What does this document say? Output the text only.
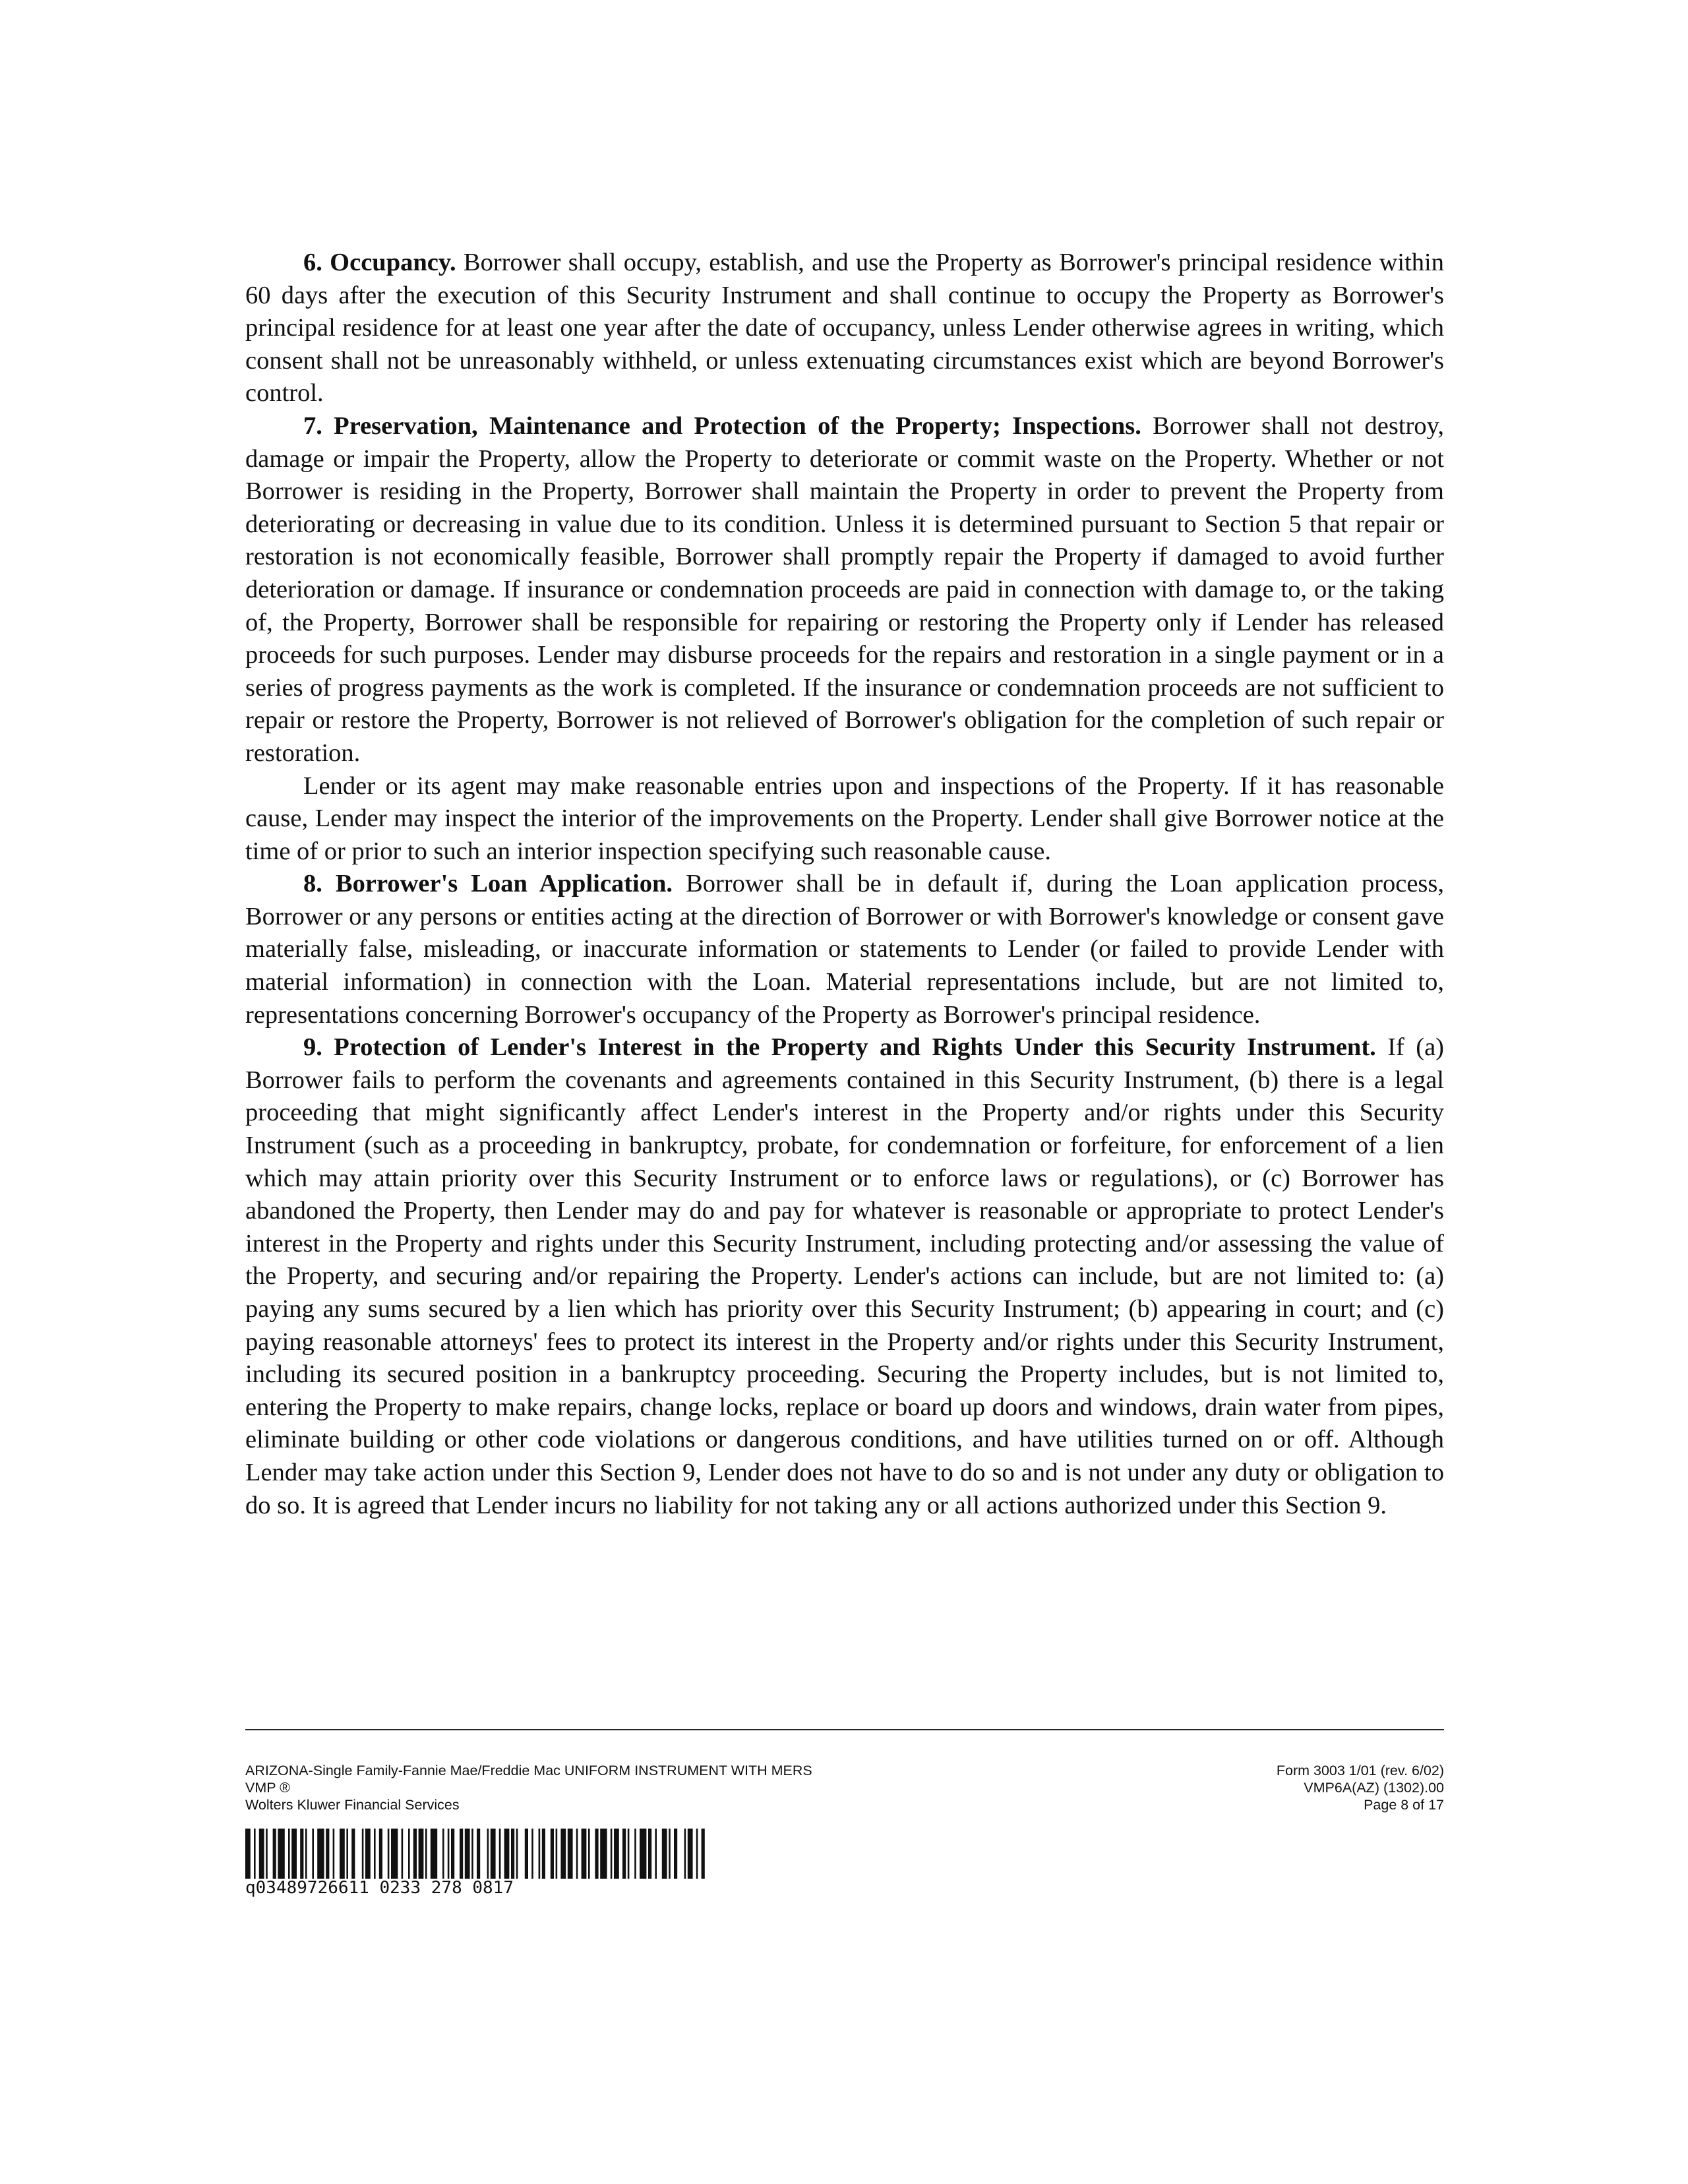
6. Occupancy. Borrower shall occupy, establish, and use the Property as Borrower's principal residence within 60 days after the execution of this Security Instrument and shall continue to occupy the Property as Borrower's principal residence for at least one year after the date of occupancy, unless Lender otherwise agrees in writing, which consent shall not be unreasonably withheld, or unless extenuating circumstances exist which are beyond Borrower's control.

7. Preservation, Maintenance and Protection of the Property; Inspections. Borrower shall not destroy, damage or impair the Property, allow the Property to deteriorate or commit waste on the Property. Whether or not Borrower is residing in the Property, Borrower shall maintain the Property in order to prevent the Property from deteriorating or decreasing in value due to its condition. Unless it is determined pursuant to Section 5 that repair or restoration is not economically feasible, Borrower shall promptly repair the Property if damaged to avoid further deterioration or damage. If insurance or condemnation proceeds are paid in connection with damage to, or the taking of, the Property, Borrower shall be responsible for repairing or restoring the Property only if Lender has released proceeds for such purposes. Lender may disburse proceeds for the repairs and restoration in a single payment or in a series of progress payments as the work is completed. If the insurance or condemnation proceeds are not sufficient to repair or restore the Property, Borrower is not relieved of Borrower's obligation for the completion of such repair or restoration.

Lender or its agent may make reasonable entries upon and inspections of the Property. If it has reasonable cause, Lender may inspect the interior of the improvements on the Property. Lender shall give Borrower notice at the time of or prior to such an interior inspection specifying such reasonable cause.

8. Borrower's Loan Application. Borrower shall be in default if, during the Loan application process, Borrower or any persons or entities acting at the direction of Borrower or with Borrower's knowledge or consent gave materially false, misleading, or inaccurate information or statements to Lender (or failed to provide Lender with material information) in connection with the Loan. Material representations include, but are not limited to, representations concerning Borrower's occupancy of the Property as Borrower's principal residence.

9. Protection of Lender's Interest in the Property and Rights Under this Security Instrument. If (a) Borrower fails to perform the covenants and agreements contained in this Security Instrument, (b) there is a legal proceeding that might significantly affect Lender's interest in the Property and/or rights under this Security Instrument (such as a proceeding in bankruptcy, probate, for condemnation or forfeiture, for enforcement of a lien which may attain priority over this Security Instrument or to enforce laws or regulations), or (c) Borrower has abandoned the Property, then Lender may do and pay for whatever is reasonable or appropriate to protect Lender's interest in the Property and rights under this Security Instrument, including protecting and/or assessing the value of the Property, and securing and/or repairing the Property. Lender's actions can include, but are not limited to: (a) paying any sums secured by a lien which has priority over this Security Instrument; (b) appearing in court; and (c) paying reasonable attorneys' fees to protect its interest in the Property and/or rights under this Security Instrument, including its secured position in a bankruptcy proceeding. Securing the Property includes, but is not limited to, entering the Property to make repairs, change locks, replace or board up doors and windows, drain water from pipes, eliminate building or other code violations or dangerous conditions, and have utilities turned on or off. Although Lender may take action under this Section 9, Lender does not have to do so and is not under any duty or obligation to do so. It is agreed that Lender incurs no liability for not taking any or all actions authorized under this Section 9.

ARIZONA-Single Family-Fannie Mae/Freddie Mac UNIFORM INSTRUMENT WITH MERS
VMP ®
Wolters Kluwer Financial Services
Form 3003 1/01 (rev. 6/02)
VMP6A(AZ) (1302).00
Page 8 of 17
q03489726611 0233 278 0817
